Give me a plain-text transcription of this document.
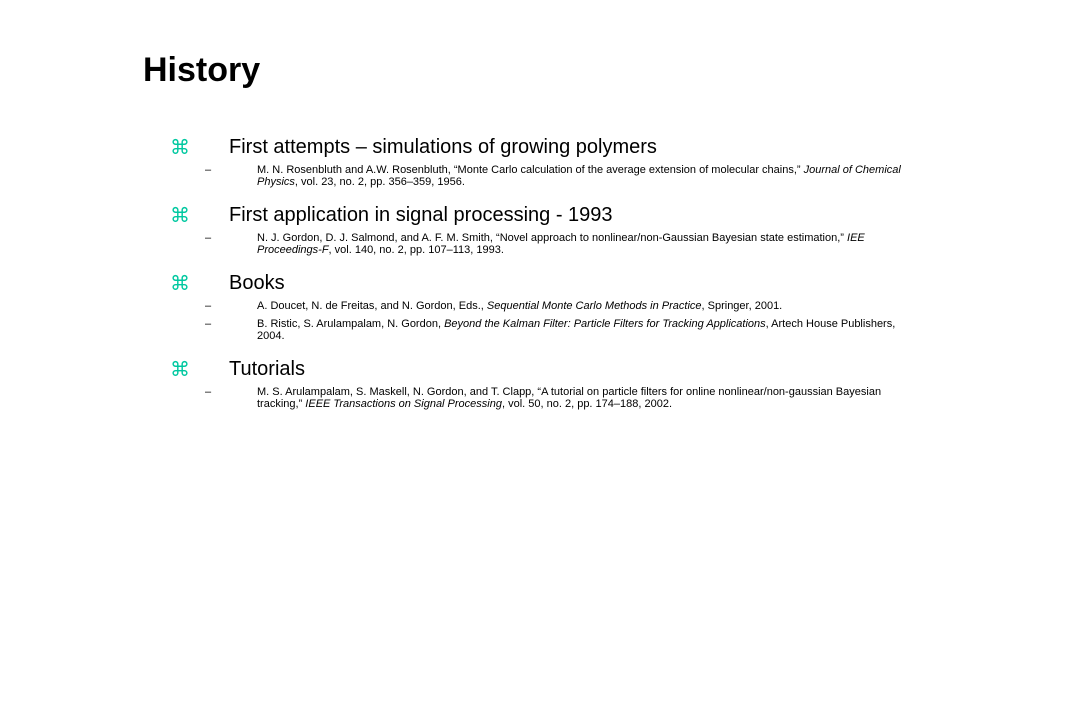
History
⌘ First attempts – simulations of growing polymers
–	M. N. Rosenbluth and A.W. Rosenbluth, “Monte Carlo calculation of the average extension of molecular chains,” Journal of Chemical Physics, vol. 23, no. 2, pp. 356–359, 1956.
⌘ First application in signal processing - 1993
–	N. J. Gordon, D. J. Salmond, and A. F. M. Smith, “Novel approach to nonlinear/non-Gaussian Bayesian state estimation,” IEE Proceedings-F, vol. 140, no. 2, pp. 107–113, 1993.
⌘ Books
–	A. Doucet, N. de Freitas, and N. Gordon, Eds., Sequential Monte Carlo Methods in Practice, Springer, 2001.
–	B. Ristic, S. Arulampalam, N. Gordon, Beyond the Kalman Filter: Particle Filters for Tracking Applications, Artech House Publishers, 2004.
⌘ Tutorials
–	M. S. Arulampalam, S. Maskell, N. Gordon, and T. Clapp, “A tutorial on particle filters for online nonlinear/non-gaussian Bayesian tracking,” IEEE Transactions on Signal Processing, vol. 50, no. 2, pp. 174–188, 2002.
